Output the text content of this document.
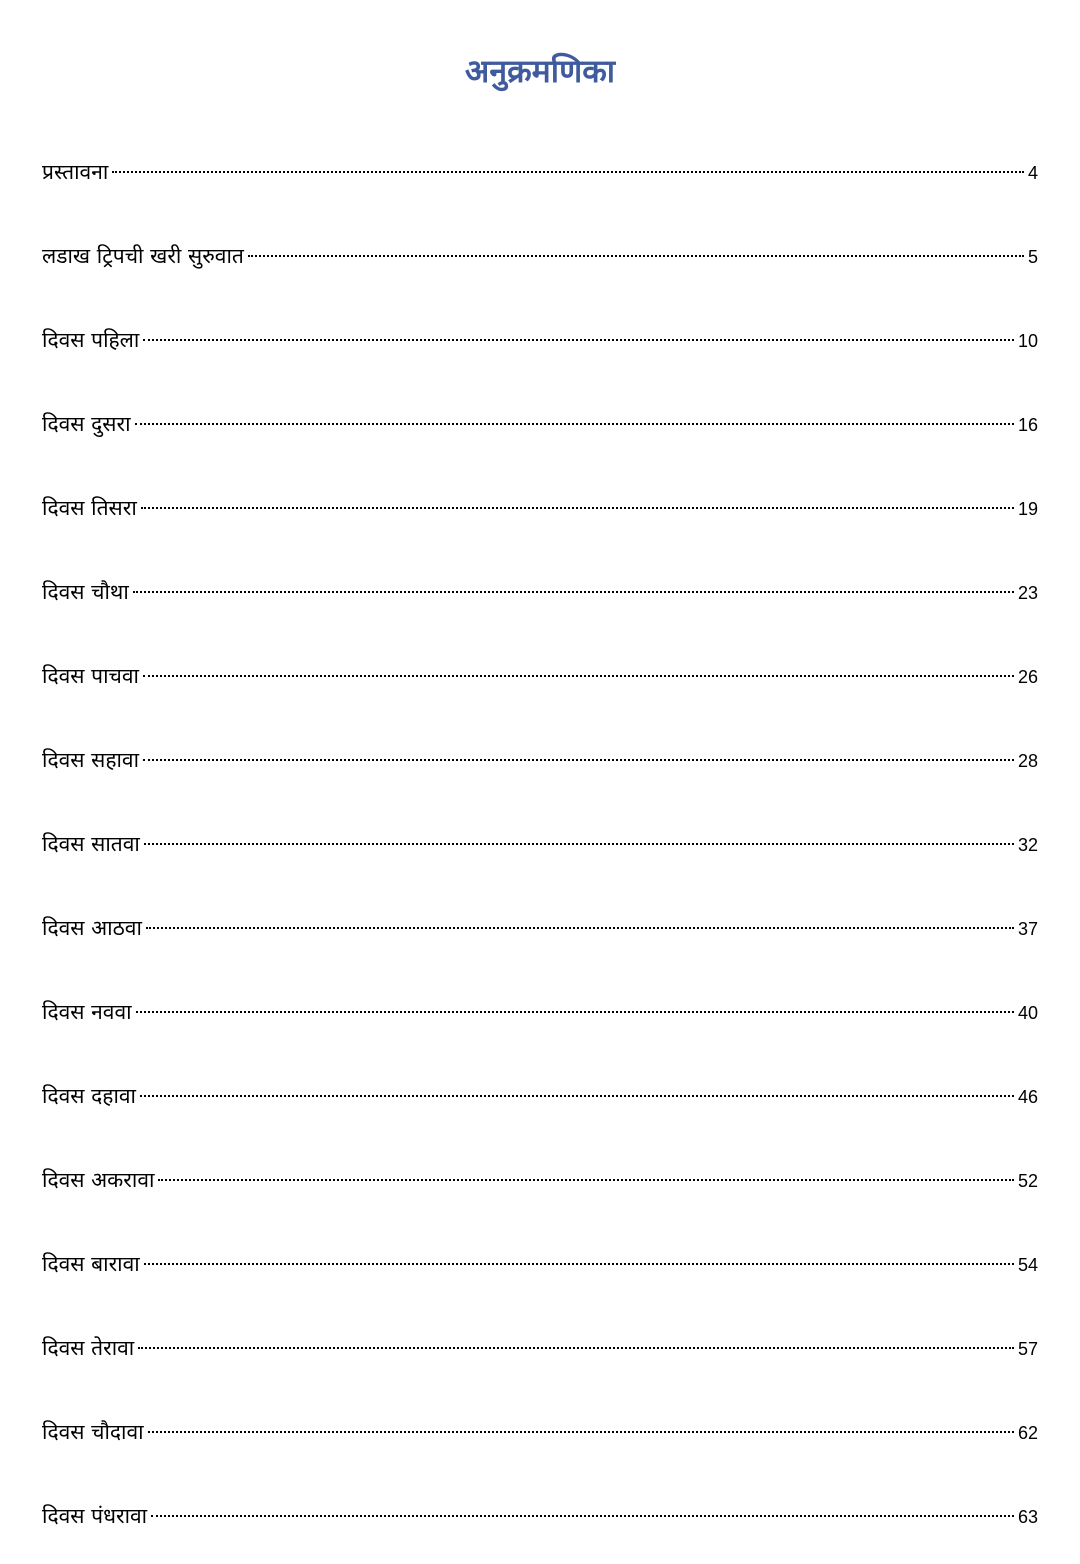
अनुक्रमणिका
प्रस्तावना	4
लडाख ट्रिपची खरी सुरुवात	5
दिवस पहिला	10
दिवस दुसरा	16
दिवस तिसरा	19
दिवस चौथा	23
दिवस पाचवा	26
दिवस सहावा	28
दिवस सातवा	32
दिवस आठवा	37
दिवस नववा	40
दिवस दहावा	46
दिवस अकरावा	52
दिवस बारावा	54
दिवस तेरावा	57
दिवस चौदावा	62
दिवस पंधरावा	63
